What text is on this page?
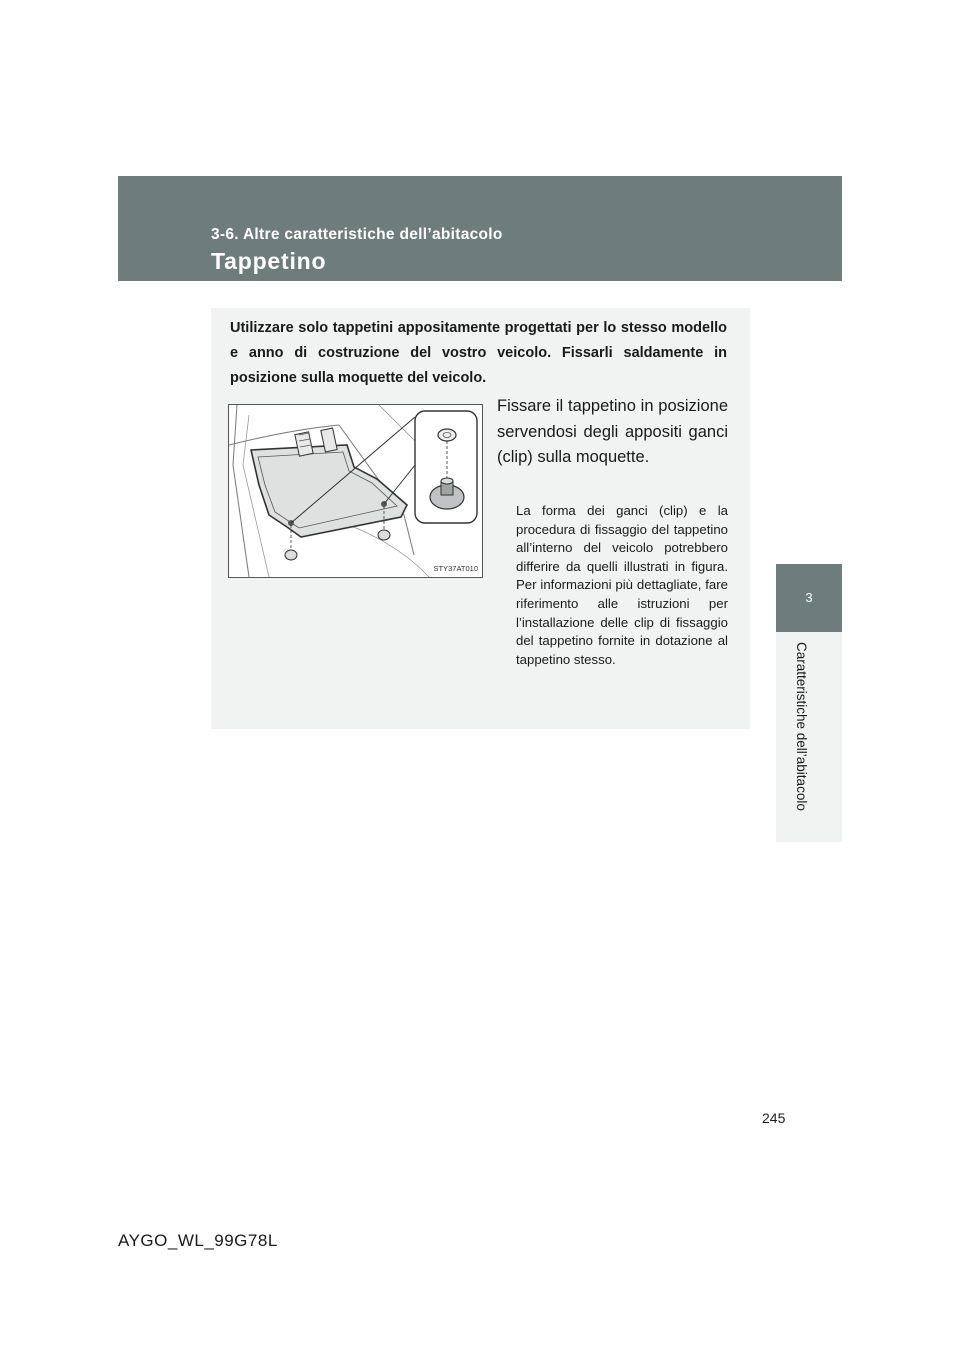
3-6. Altre caratteristiche dell’abitacolo

Tappetino
3
Caratteristiche dell’abitacolo

Utilizzare solo tappetini appositamente progettati per lo stesso modello e anno di costruzione del vostro veicolo. Fissarli saldamente in posizione sulla moquette del veicolo.

STY37AT010

Fissare il tappetino in posizione servendosi degli appositi ganci (clip) sulla moquette.

La forma dei ganci (clip) e la procedura di fissaggio del tappetino all’interno del veicolo potrebbero differire da quelli illustrati in figura. Per informazioni più dettagliate, fare riferimento alle istruzioni per l’installazione delle clip di fissaggio del tappetino fornite in dotazione al tappetino stesso.

245
AYGO_WL_99G78L
